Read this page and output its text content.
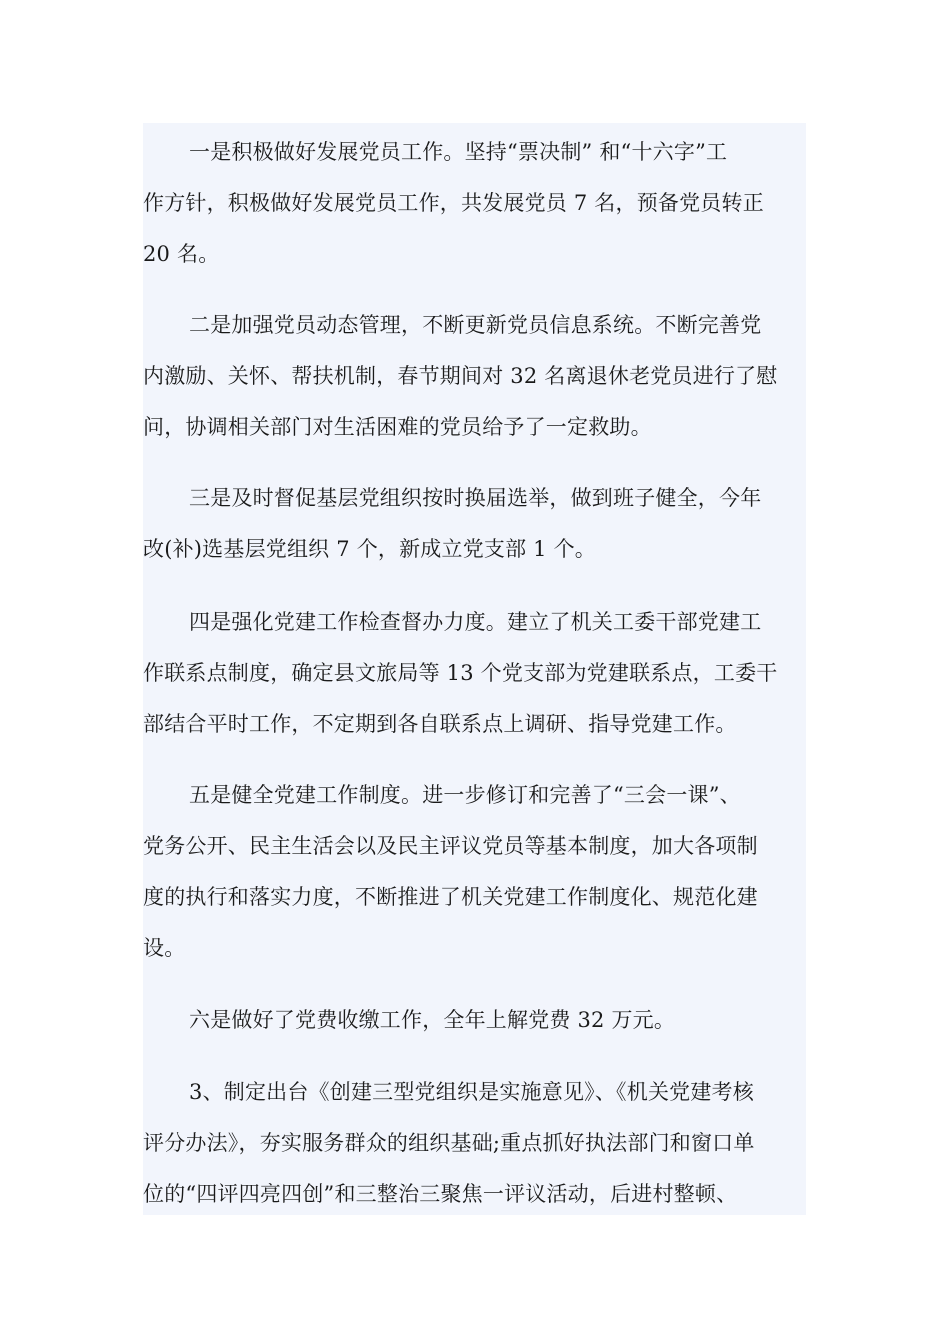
一是积极做好发展党员工作。坚持“票决制” 和“十六字”工
作方针，积极做好发展党员工作，共发展党员 7 名，预备党员转正
20 名。
二是加强党员动态管理，不断更新党员信息系统。不断完善党
内激励、关怀、帮扶机制，春节期间对 32 名离退休老党员进行了慰
问，协调相关部门对生活困难的党员给予了一定救助。
三是及时督促基层党组织按时换届选举，做到班子健全，今年
改(补)选基层党组织 7 个，新成立党支部 1 个。
四是强化党建工作检查督办力度。建立了机关工委干部党建工
作联系点制度，确定县文旅局等 13 个党支部为党建联系点，工委干
部结合平时工作，不定期到各自联系点上调研、指导党建工作。
五是健全党建工作制度。进一步修订和完善了“三会一课”、
党务公开、民主生活会以及民主评议党员等基本制度，加大各项制
度的执行和落实力度，不断推进了机关党建工作制度化、规范化建
设。
六是做好了党费收缴工作，全年上解党费 32 万元。
3、制定出台《创建三型党组织是实施意见》、《机关党建考核
评分办法》，夯实服务群众的组织基础;重点抓好执法部门和窗口单
位的“四评四亮四创”和三整治三聚焦一评议活动，后进村整顿、
